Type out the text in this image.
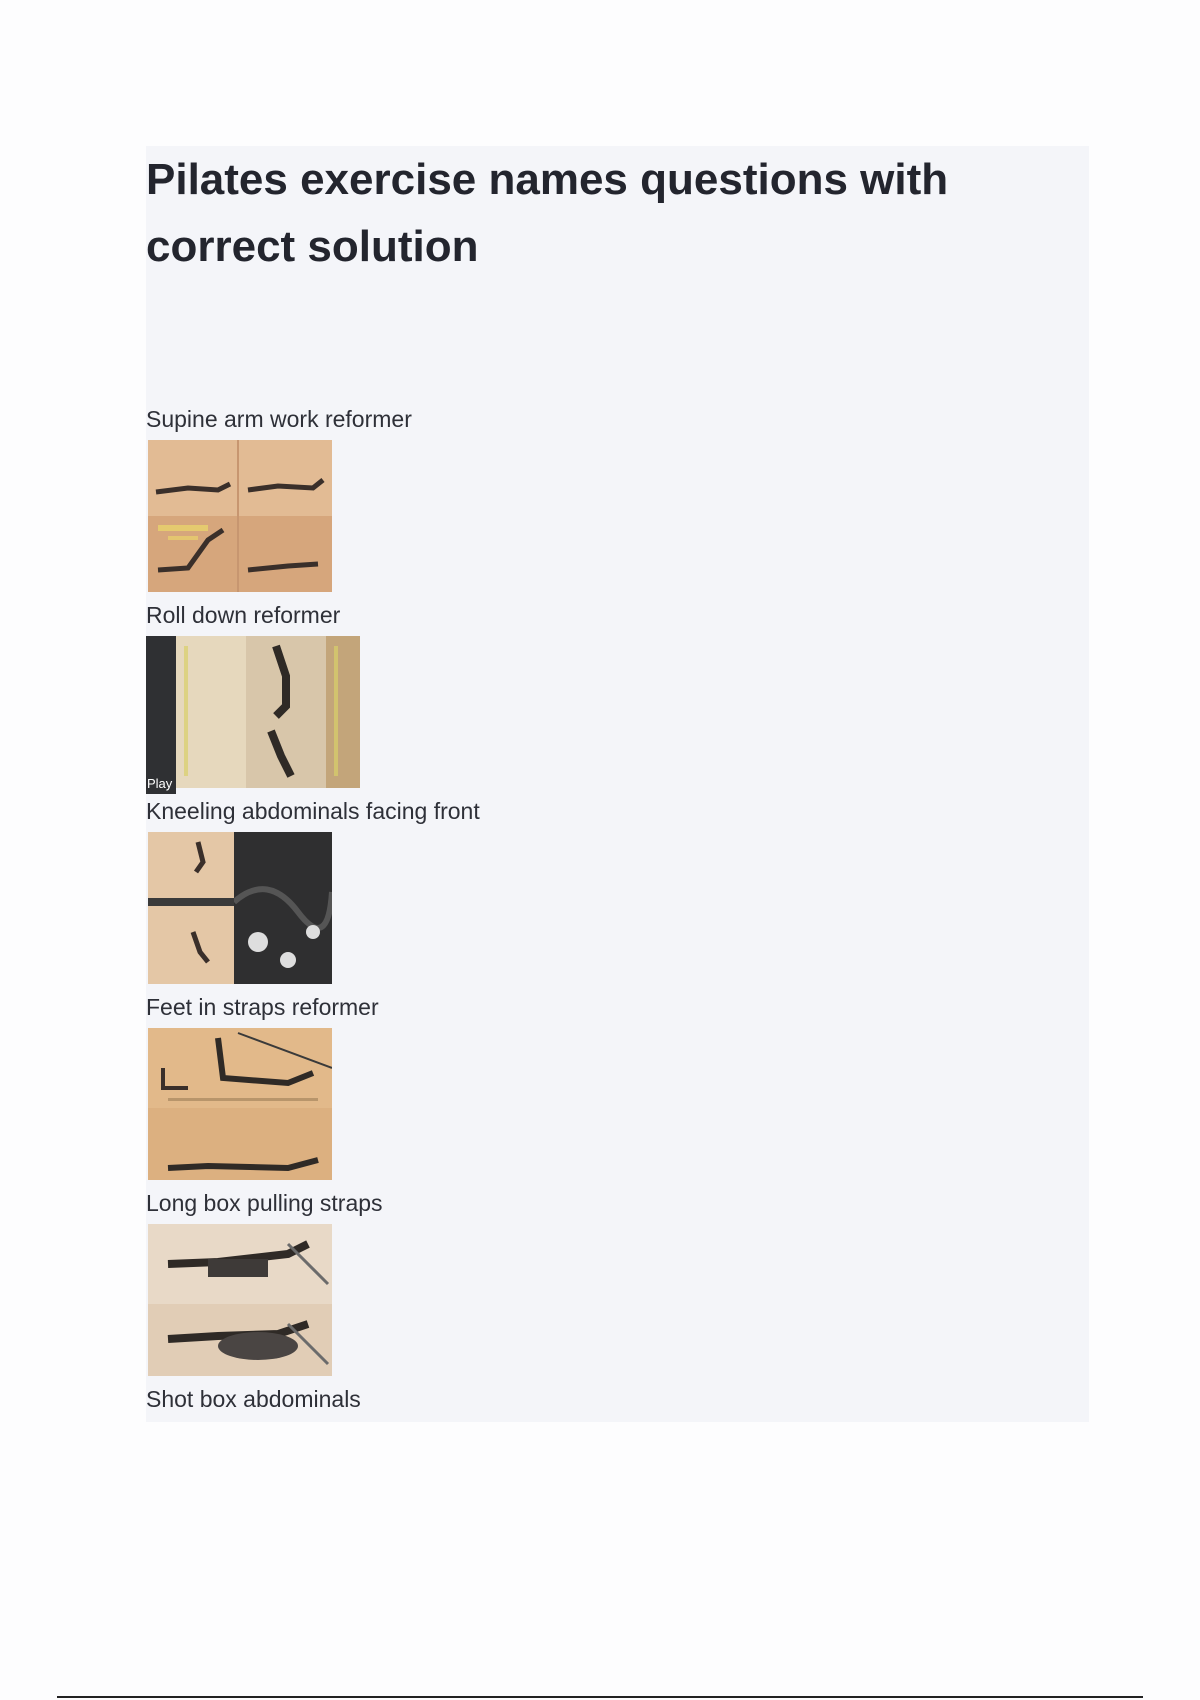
Pilates exercise names questions with correct solution

Supine arm work reformer

Roll down reformer

Play

Kneeling abdominals facing front

Feet in straps reformer

Long box pulling straps

Shot box abdominals
